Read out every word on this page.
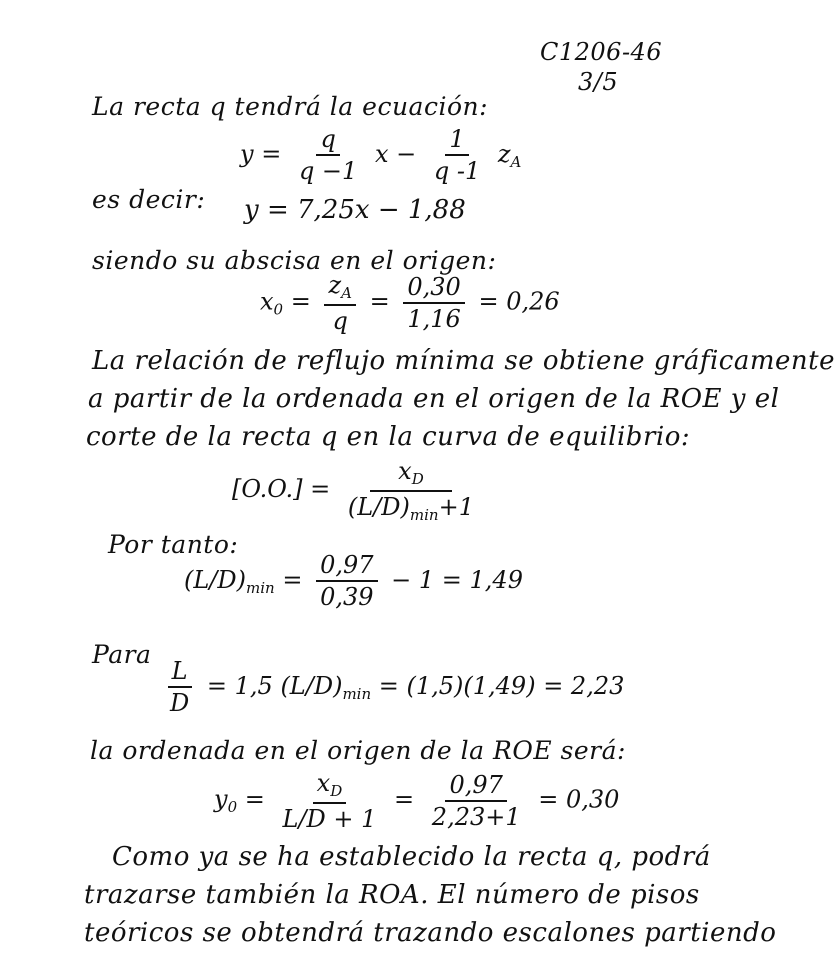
C1206-46
3/5
La recta q tendrá la ecuación:
$y = \frac{q}{q -1}$ $x - \frac{1}{q -1} z_A$
es decir: y = 7,25x − 1,88
siendo su abscisa en el origen:
$x_0 = \frac{z_A}{q} = \frac{0,30}{1,16} = 0,26$
La relación de reflujo mínima se obtiene gráficamente
a partir de la ordenada en el origen de la ROE y el
corte de la recta q en la curva de equilibrio:
$[O.O.] = \frac{x_D}{(L/D)_{min}+1}$
Por tanto:
$(L/D)_{min} = \frac{0,97}{0,39} - 1 = 1,49$
Para
$\frac{L}{D} = 1,5$ $(L/D)_{min} = (1,5)(1,49) = 2,23$
la ordenada en el origen de la ROE será:
$y_0 = \frac{x_D}{L/D + 1} = \frac{0,97}{2,23+1} = 0,30$
Como ya se ha establecido la recta q, podrá
trazarse también la ROA. El número de pisos
teóricos se obtendrá trazando escalones partiendo
